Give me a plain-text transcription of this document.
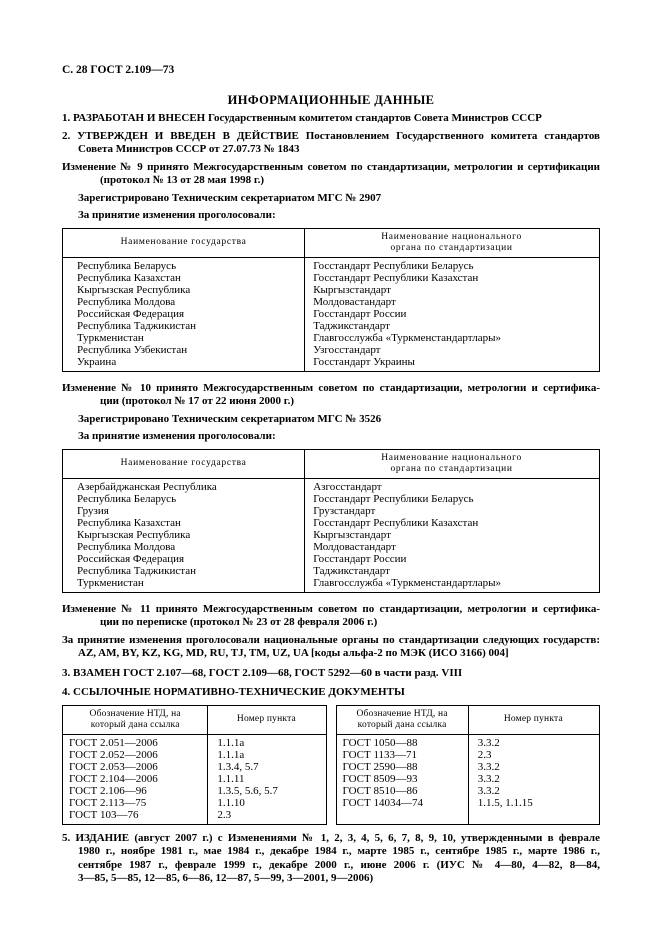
С. 28 ГОСТ 2.109—73
ИНФОРМАЦИОННЫЕ ДАННЫЕ
1. РАЗРАБОТАН И ВНЕСЕН Государственным комитетом стандартов Совета Министров СССР
2. УТВЕРЖДЕН И ВВЕДЕН В ДЕЙСТВИЕ Постановлением Государственного комитета стандартов
Совета Министров СССР от 27.07.73 № 1843
Изменение № 9 принято Межгосударственным советом по стандартизации, метрологии и сертификации
(протокол № 13 от 28 мая 1998 г.)
Зарегистрировано Техническим секретариатом МГС № 2907
За принятие изменения проголосовали:
Наименование государства
Наименование национального
органа по стандартизации
Республика Беларусь	Госстандарт Республики Беларусь
Республика Казахстан	Госстандарт Республики Казахстан
Кыргызская Республика	Кыргызстандарт
Республика Молдова	Молдовастандарт
Российская Федерация	Госстандарт России
Республика Таджикистан	Таджикстандарт
Туркменистан	Главгосслужба «Туркменстандартлары»
Республика Узбекистан	Узгосстандарт
Украина	Госстандарт Украины
Изменение № 10 принято Межгосударственным советом по стандартизации, метрологии и сертифика-
ции (протокол № 17 от 22 июня 2000 г.)
Зарегистрировано Техническим секретариатом МГС № 3526
За принятие изменения проголосовали:
Наименование государства
Наименование национального
органа по стандартизации
Азербайджанская Республика	Азгосстандарт
Республика Беларусь	Госстандарт Республики Беларусь
Грузия	Грузстандарт
Республика Казахстан	Госстандарт Республики Казахстан
Кыргызская Республика	Кыргызстандарт
Республика Молдова	Молдовастандарт
Российская Федерация	Госстандарт России
Республика Таджикистан	Таджикстандарт
Туркменистан	Главгосслужба «Туркменстандартлары»
Изменение № 11 принято Межгосударственным советом по стандартизации, метрологии и сертифика-
ции по переписке (протокол № 23 от 28 февраля 2006 г.)
За принятие изменения проголосовали национальные органы по стандартизации следующих государств:
AZ, AM, BY, KZ, KG, MD, RU, TJ, TM, UZ, UA [коды альфа-2 по МЭК (ИСО 3166) 004]
3. ВЗАМЕН ГОСТ 2.107—68, ГОСТ 2.109—68, ГОСТ 5292—60 в части разд. VIII
4. ССЫЛОЧНЫЕ НОРМАТИВНО-ТЕХНИЧЕСКИЕ ДОКУМЕНТЫ
Обозначение НТД, на
который дана ссылка
Номер пункта
ГОСТ 2.051—2006	1.1.1а
ГОСТ 2.052—2006	1.1.1а
ГОСТ 2.053—2006	1.3.4, 5.7
ГОСТ 2.104—2006	1.1.11
ГОСТ 2.106—96	1.3.5, 5.6, 5.7
ГОСТ 2.113—75	1.1.10
ГОСТ 103—76	2.3
Обозначение НТД, на
который дана ссылка
Номер пункта
ГОСТ 1050—88	3.3.2
ГОСТ 1133—71	2.3
ГОСТ 2590—88	3.3.2
ГОСТ 8509—93	3.3.2
ГОСТ 8510—86	3.3.2
ГОСТ 14034—74	1.1.5, 1.1.15
5. ИЗДАНИЕ (август 2007 г.) с Изменениями № 1, 2, 3, 4, 5, 6, 7, 8, 9, 10, утвержденными в феврале
1980 г., ноябре 1981 г., мае 1984 г., декабре 1984 г., марте 1985 г., сентябре 1985 г., марте 1986 г.,
сентябре 1987 г., феврале 1999 г., декабре 2000 г., июне 2006 г. (ИУС № 4—80, 4—82, 8—84,
3—85, 5—85, 12—85, 6—86, 12—87, 5—99, 3—2001, 9—2006)
